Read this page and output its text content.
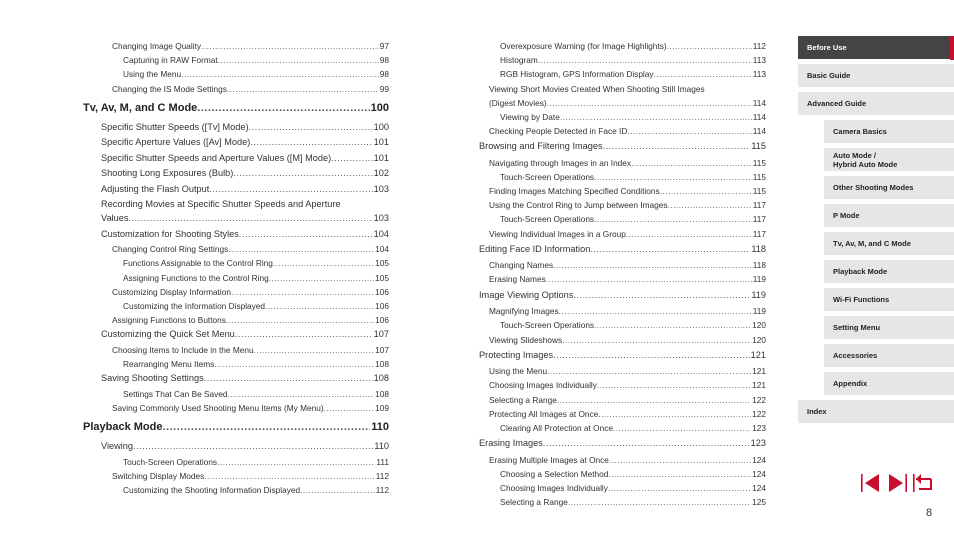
Changing Image Quality .....	97
Capturing in RAW Format .....	98
Using the Menu .....	98
Changing the IS Mode Settings .....	99
Tv, Av, M, and C Mode .....	100
Specific Shutter Speeds ([Tv] Mode) .....	100
Specific Aperture Values ([Av] Mode) .....	101
Specific Shutter Speeds and Aperture Values ([M] Mode) .....	101
Shooting Long Exposures (Bulb) .....	102
Adjusting the Flash Output .....	103
Recording Movies at Specific Shutter Speeds and Aperture
Values .....	103
Customization for Shooting Styles .....	104
Changing Control Ring Settings .....	104
Functions Assignable to the Control Ring .....	105
Assigning Functions to the Control Ring .....	105
Customizing Display Information .....	106
Customizing the Information Displayed .....	106
Assigning Functions to Buttons .....	106
Customizing the Quick Set Menu .....	107
Choosing Items to Include in the Menu .....	107
Rearranging Menu Items .....	108
Saving Shooting Settings .....	108
Settings That Can Be Saved .....	108
Saving Commonly Used Shooting Menu Items (My Menu) .....	109
Playback Mode .....	110
Viewing .....	110
Touch-Screen Operations .....	111
Switching Display Modes .....	112
Customizing the Shooting Information Displayed .....	112
Overexposure Warning (for Image Highlights) .....	112
Histogram .....	113
RGB Histogram, GPS Information Display .....	113
Viewing Short Movies Created When Shooting Still Images
(Digest Movies) .....	114
Viewing by Date .....	114
Checking People Detected in Face ID .....	114
Browsing and Filtering Images .....	115
Navigating through Images in an Index .....	115
Touch-Screen Operations .....	115
Finding Images Matching Specified Conditions .....	115
Using the Control Ring to Jump between Images .....	117
Touch-Screen Operations .....	117
Viewing Individual Images in a Group .....	117
Editing Face ID Information .....	118
Changing Names .....	118
Erasing Names .....	119
Image Viewing Options .....	119
Magnifying Images .....	119
Touch-Screen Operations .....	120
Viewing Slideshows .....	120
Protecting Images .....	121
Using the Menu .....	121
Choosing Images Individually .....	121
Selecting a Range .....	122
Protecting All Images at Once .....	122
Clearing All Protection at Once .....	123
Erasing Images .....	123
Erasing Multiple Images at Once .....	124
Choosing a Selection Method .....	124
Choosing Images Individually .....	124
Selecting a Range .....	125
Before Use
Basic Guide
Advanced Guide
Camera Basics
Auto Mode /
Hybrid Auto Mode
Other Shooting Modes
P Mode
Tv, Av, M, and C Mode
Playback Mode
Wi-Fi Functions
Setting Menu
Accessories
Appendix
Index
8
